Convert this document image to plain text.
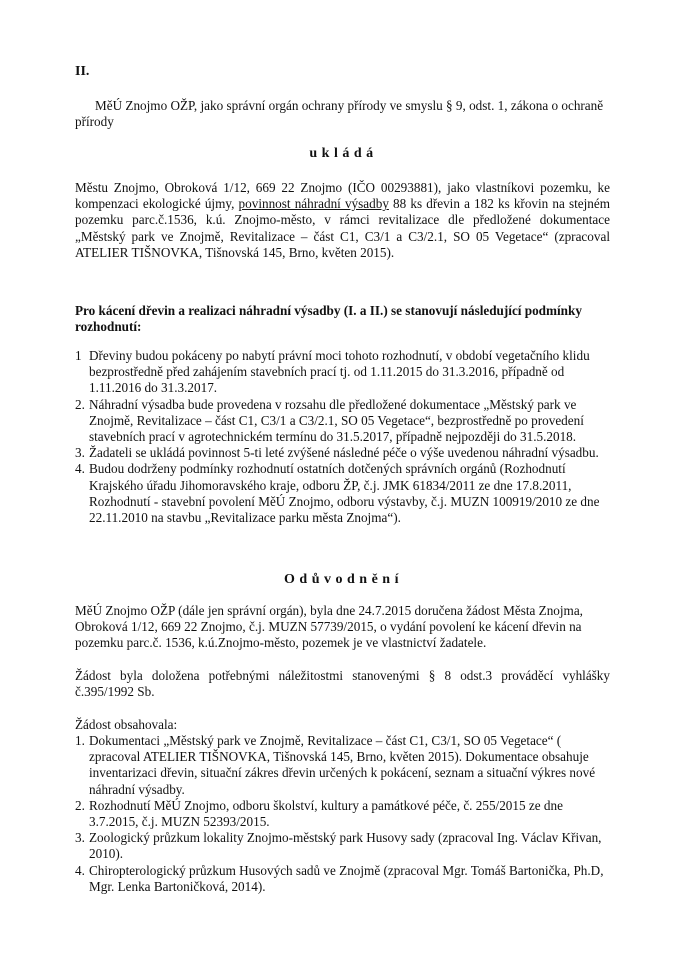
II.
MěÚ Znojmo OŽP, jako správní orgán ochrany přírody ve smyslu § 9, odst. 1, zákona o ochraně přírody
ukládá
Městu Znojmo, Obroková 1/12, 669 22 Znojmo (IČO 00293881), jako vlastníkovi pozemku, ke kompenzaci ekologické újmy, povinnost náhradní výsadby 88 ks dřevin a 182 ks křovin na stejném pozemku parc.č.1536, k.ú. Znojmo-město, v rámci revitalizace dle předložené dokumentace „Městský park ve Znojmě, Revitalizace – část C1, C3/1 a C3/2.1, SO 05 Vegetace“ (zpracoval ATELIER TIŠNOVKA, Tišnovská 145, Brno, květen 2015).
Pro kácení dřevin a realizaci náhradní výsadby (I. a II.) se stanovují následující podmínky rozhodnutí:
1 Dřeviny budou pokáceny po nabytí právní moci tohoto rozhodnutí, v období vegetačního klidu bezprostředně před zahájením stavebních prací tj. od 1.11.2015 do 31.3.2016, případně od 1.11.2016 do 31.3.2017.
2. Náhradní výsadba bude provedena v rozsahu dle předložené dokumentace „Městský park ve Znojmě, Revitalizace – část C1, C3/1 a C3/2.1, SO 05 Vegetace“, bezprostředně po provedení stavebních prací v agrotechnickém termínu do 31.5.2017, případně nejpozději do 31.5.2018.
3. Žadateli se ukládá povinnost 5-ti leté zvýšené následné péče o výše uvedenou náhradní výsadbu.
4. Budou dodrženy podmínky rozhodnutí ostatních dotčených správních orgánů (Rozhodnutí Krajského úřadu Jihomoravského kraje, odboru ŽP, č.j. JMK 61834/2011 ze dne 17.8.2011, Rozhodnutí - stavební povolení MěÚ Znojmo, odboru výstavby, č.j. MUZN 100919/2010 ze dne 22.11.2010 na stavbu „Revitalizace parku města Znojma“).
Odůvodnění
MěÚ Znojmo OŽP (dále jen správní orgán), byla dne 24.7.2015 doručena žádost Města Znojma, Obroková 1/12, 669 22 Znojmo, č.j. MUZN 57739/2015, o vydání povolení ke kácení dřevin na pozemku parc.č. 1536, k.ú.Znojmo-město, pozemek je ve vlastnictví žadatele.
Žádost byla doložena potřebnými náležitostmi stanovenými § 8 odst.3 prováděcí vyhlášky č.395/1992 Sb.
Žádost obsahovala:
1. Dokumentaci „Městský park ve Znojmě, Revitalizace – část C1, C3/1, SO 05 Vegetace“ ( zpracoval ATELIER TIŠNOVKA, Tišnovská 145, Brno, květen 2015). Dokumentace obsahuje inventarizaci dřevin, situační zákres dřevin určených k pokácení, seznam a situační výkres nové náhradní výsadby.
2. Rozhodnutí MěÚ Znojmo, odboru školství, kultury a památkové péče, č. 255/2015 ze dne 3.7.2015, č.j. MUZN 52393/2015.
3. Zoologický průzkum lokality Znojmo-městský park Husovy sady (zpracoval Ing. Václav Křivan, 2010).
4. Chiropterologický průzkum Husových sadů ve Znojmě (zpracoval Mgr. Tomáš Bartonička, Ph.D, Mgr. Lenka Bartoničková, 2014).
